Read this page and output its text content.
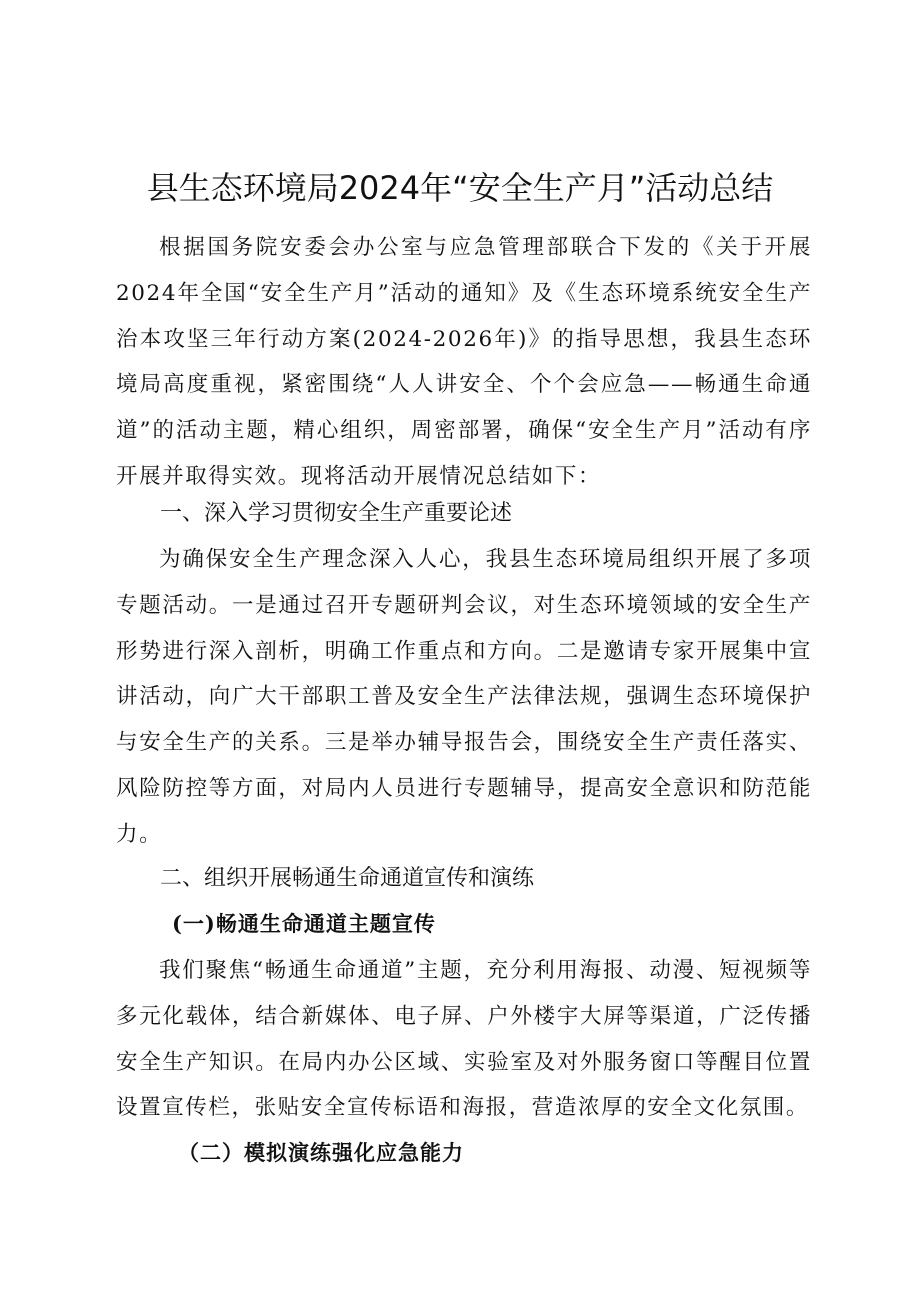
县生态环境局2024年“安全生产月”活动总结

根据国务院安委会办公室与应急管理部联合下发的《关于开展2024年全国“安全生产月”活动的通知》及《生态环境系统安全生产治本攻坚三年行动方案(2024-2026年)》的指导思想，我县生态环境局高度重视，紧密围绕“人人讲安全、个个会应急——畅通生命通道”的活动主题，精心组织，周密部署，确保“安全生产月”活动有序开展并取得实效。现将活动开展情况总结如下：

一、深入学习贯彻安全生产重要论述

为确保安全生产理念深入人心，我县生态环境局组织开展了多项专题活动。一是通过召开专题研判会议，对生态环境领域的安全生产形势进行深入剖析，明确工作重点和方向。二是邀请专家开展集中宣讲活动，向广大干部职工普及安全生产法律法规，强调生态环境保护与安全生产的关系。三是举办辅导报告会，围绕安全生产责任落实、风险防控等方面，对局内人员进行专题辅导，提高安全意识和防范能力。

二、组织开展畅通生命通道宣传和演练
(一)畅通生命通道主题宣传

我们聚焦“畅通生命通道”主题，充分利用海报、动漫、短视频等多元化载体，结合新媒体、电子屏、户外楼宇大屏等渠道，广泛传播安全生产知识。在局内办公区域、实验室及对外服务窗口等醒目位置设置宣传栏，张贴安全宣传标语和海报，营造浓厚的安全文化氛围。

（二）模拟演练强化应急能力
